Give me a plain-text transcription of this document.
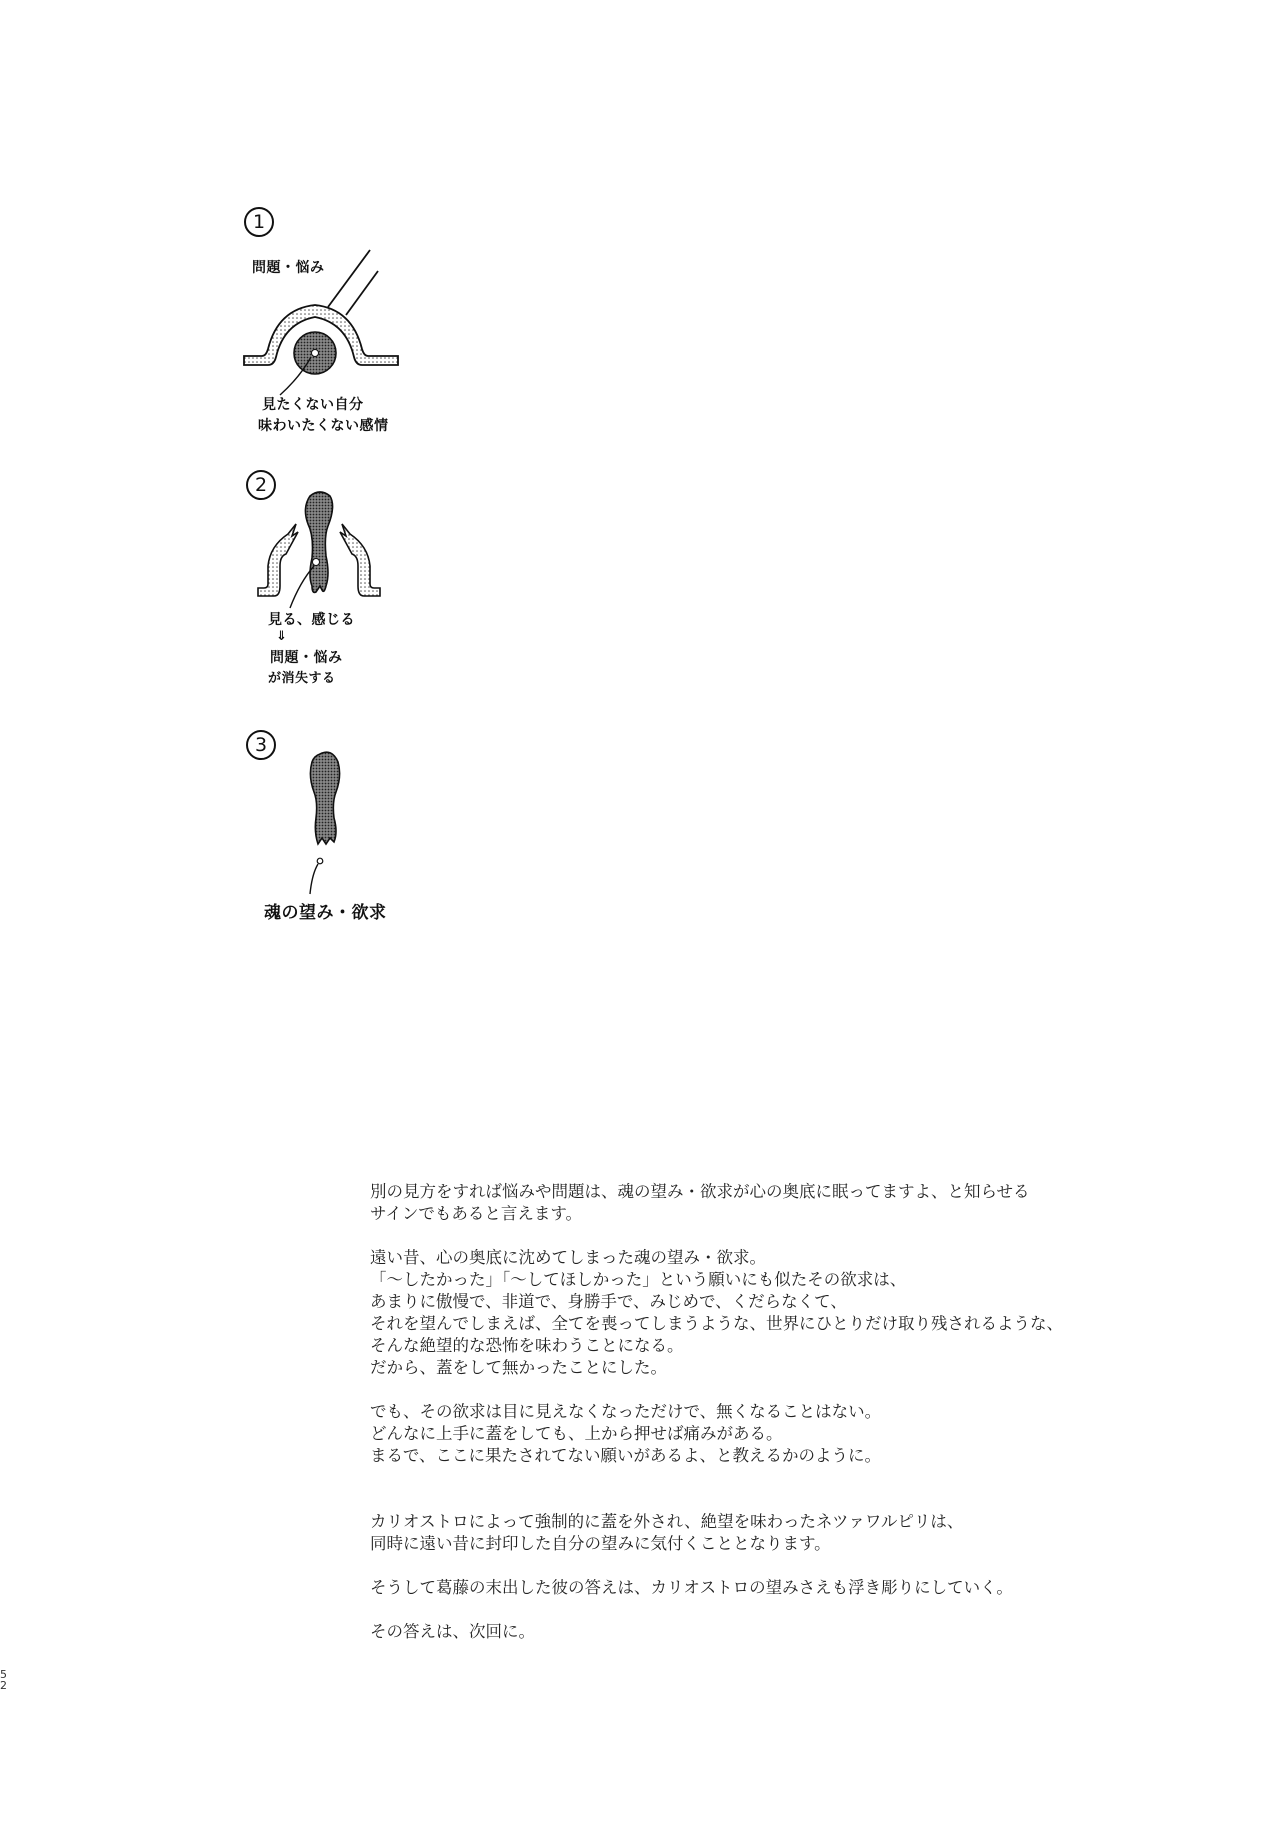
1
問題・悩み
見たくない自分
味わいたくない感情
2
見る、感じる
⇓
問題・悩み
が消失する
3
魂の望み・欲求

別の見方をすれば悩みや問題は、魂の望み・欲求が心の奥底に眠ってますよ、と知らせる
サインでもあると言えます。

遠い昔、心の奥底に沈めてしまった魂の望み・欲求。
「〜したかった」「〜してほしかった」という願いにも似たその欲求は、
あまりに傲慢で、非道で、身勝手で、みじめで、くだらなくて、
それを望んでしまえば、全てを喪ってしまうような、世界にひとりだけ取り残されるような、
そんな絶望的な恐怖を味わうことになる。
だから、蓋をして無かったことにした。

でも、その欲求は目に見えなくなっただけで、無くなることはない。
どんなに上手に蓋をしても、上から押せば痛みがある。
まるで、ここに果たされてない願いがあるよ、と教えるかのように。

カリオストロによって強制的に蓋を外され、絶望を味わったネツァワルピリは、
同時に遠い昔に封印した自分の望みに気付くこととなります。

そうして葛藤の末出した彼の答えは、カリオストロの望みさえも浮き彫りにしていく。

その答えは、次回に。

52
